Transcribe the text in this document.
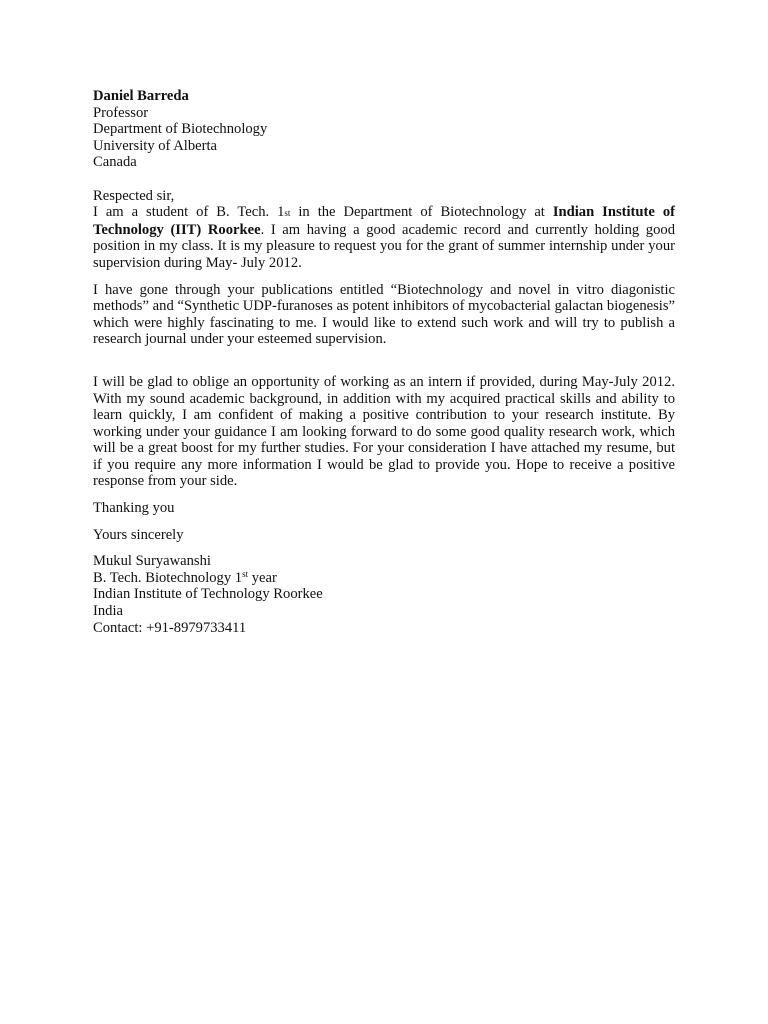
Daniel Barreda
Professor
Department of Biotechnology
University of Alberta
Canada
Respected sir,

I am a student of B. Tech. 1st in the Department of Biotechnology at Indian Institute of Technology (IIT) Roorkee. I am having a good academic record and currently holding good position in my class. It is my pleasure to request you for the grant of summer internship under your supervision during May- July 2012.

I have gone through your publications entitled “Biotechnology and novel in vitro diagonistic methods” and “Synthetic UDP-furanoses as potent inhibitors of mycobacterial galactan biogenesis” which were highly fascinating to me. I would like to extend such work and will try to publish a research journal under your esteemed supervision.

I will be glad to oblige an opportunity of working as an intern if provided, during May-July 2012. With my sound academic background, in addition with my acquired practical skills and ability to learn quickly, I am confident of making a positive contribution to your research institute. By working under your guidance I am looking forward to do some good quality research work, which will be a great boost for my further studies. For your consideration I have attached my resume, but if you require any more information I would be glad to provide you. Hope to receive a positive response from your side.

Thanking you
Yours sincerely
Mukul Suryawanshi
B. Tech. Biotechnology 1st year
Indian Institute of Technology Roorkee
India
Contact: +91-8979733411
